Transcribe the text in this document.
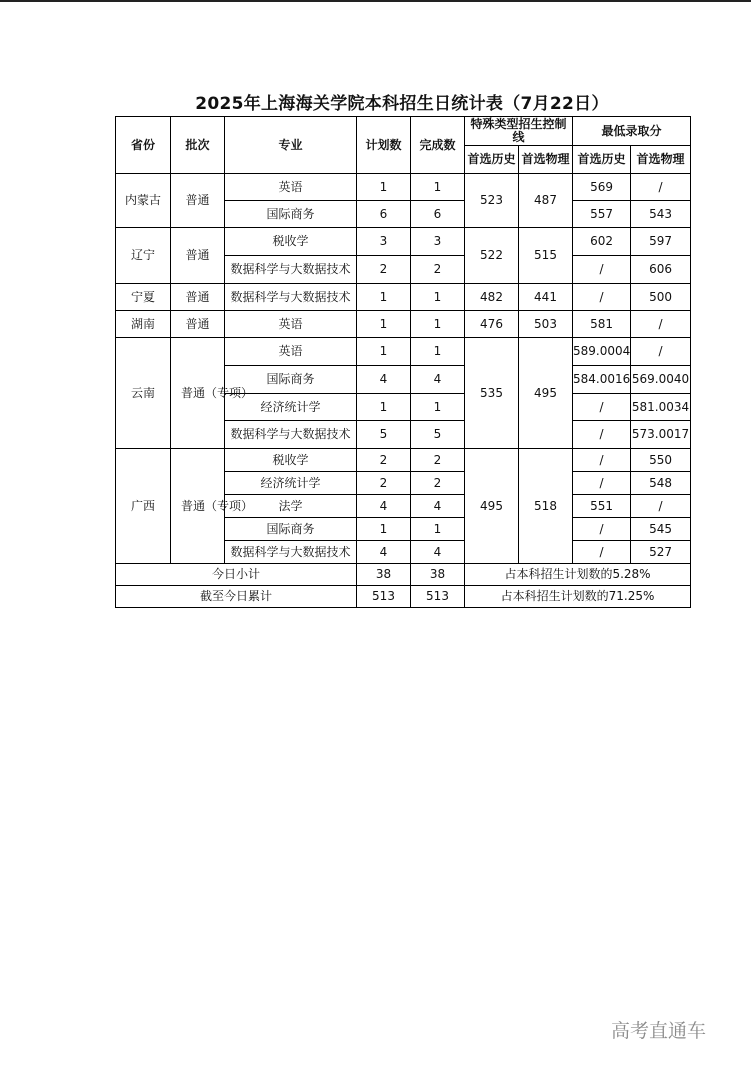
2025年上海海关学院本科招生日统计表（7月22日）
省份	批次	专业	计划数	完成数	特殊类型招生控制线		最低录取分	
					首选历史	首选物理	首选历史	首选物理
内蒙古	普通	英语	1	1	523	487	569	/
		国际商务	6	6			557	543
辽宁	普通	税收学	3	3	522	515	602	597
		数据科学与大数据技术	2	2			/	606
宁夏	普通	数据科学与大数据技术	1	1	482	441	/	500
湖南	普通	英语	1	1	476	503	581	/
云南	普通（专项）	英语	1	1	535	495	589.0004	/
		国际商务	4	4			584.0016	569.0040
		经济统计学	1	1			/	581.0034
		数据科学与大数据技术	5	5			/	573.0017
广西	普通（专项）	税收学	2	2	495	518	/	550
		经济统计学	2	2			/	548
		法学	4	4			551	/
		国际商务	1	1			/	545
		数据科学与大数据技术	4	4			/	527
今日小计			38	38	占本科招生计划数的5.28%			
截至今日累计			513	513	占本科招生计划数的71.25%			
高考直通车
